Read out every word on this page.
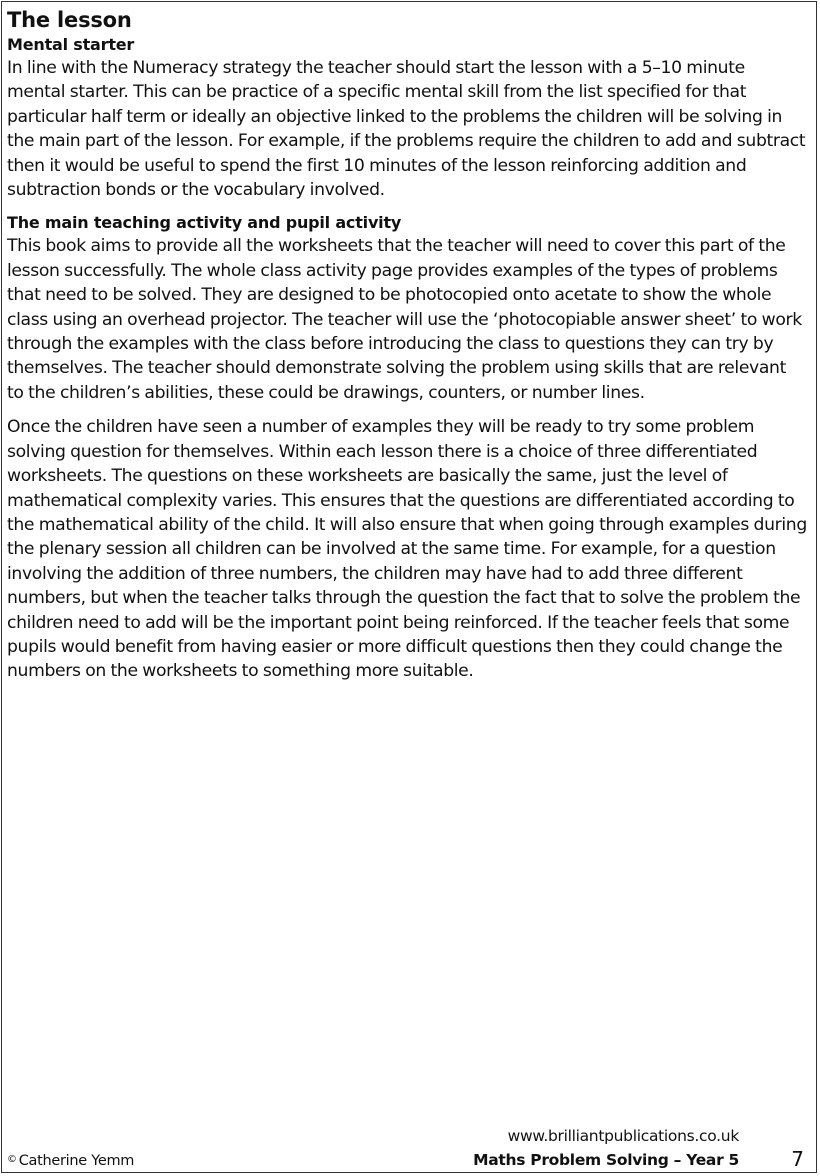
The lesson
Mental starter

In line with the Numeracy strategy the teacher should start the lesson with a 5–10 minute mental starter. This can be practice of a specific mental skill from the list specified for that particular half term or ideally an objective linked to the problems the children will be solving in the main part of the lesson. For example, if the problems require the children to add and subtract then it would be useful to spend the first 10 minutes of the lesson reinforcing addition and subtraction bonds or the vocabulary involved.

The main teaching activity and pupil activity

This book aims to provide all the worksheets that the teacher will need to cover this part of the lesson successfully. The whole class activity page provides examples of the types of problems that need to be solved. They are designed to be photocopied onto acetate to show the whole class using an overhead projector. The teacher will use the ‘photocopiable answer sheet’ to work through the examples with the class before introducing the class to questions they can try by themselves. The teacher should demonstrate solving the problem using skills that are relevant to the children’s abilities, these could be drawings, counters, or number lines.

Once the children have seen a number of examples they will be ready to try some problem solving question for themselves. Within each lesson there is a choice of three differentiated worksheets. The questions on these worksheets are basically the same, just the level of mathematical complexity varies. This ensures that the questions are differentiated according to the mathematical ability of the child. It will also ensure that when going through examples during the plenary session all children can be involved at the same time. For example, for a question involving the addition of three numbers, the children may have had to add three different numbers, but when the teacher talks through the question the fact that to solve the problem the children need to add will be the important point being reinforced. If the teacher feels that some pupils would benefit from having easier or more difficult questions then they could change the numbers on the worksheets to something more suitable.

© Catherine Yemm
www.brilliantpublications.co.uk
Maths Problem Solving – Year 5	7
